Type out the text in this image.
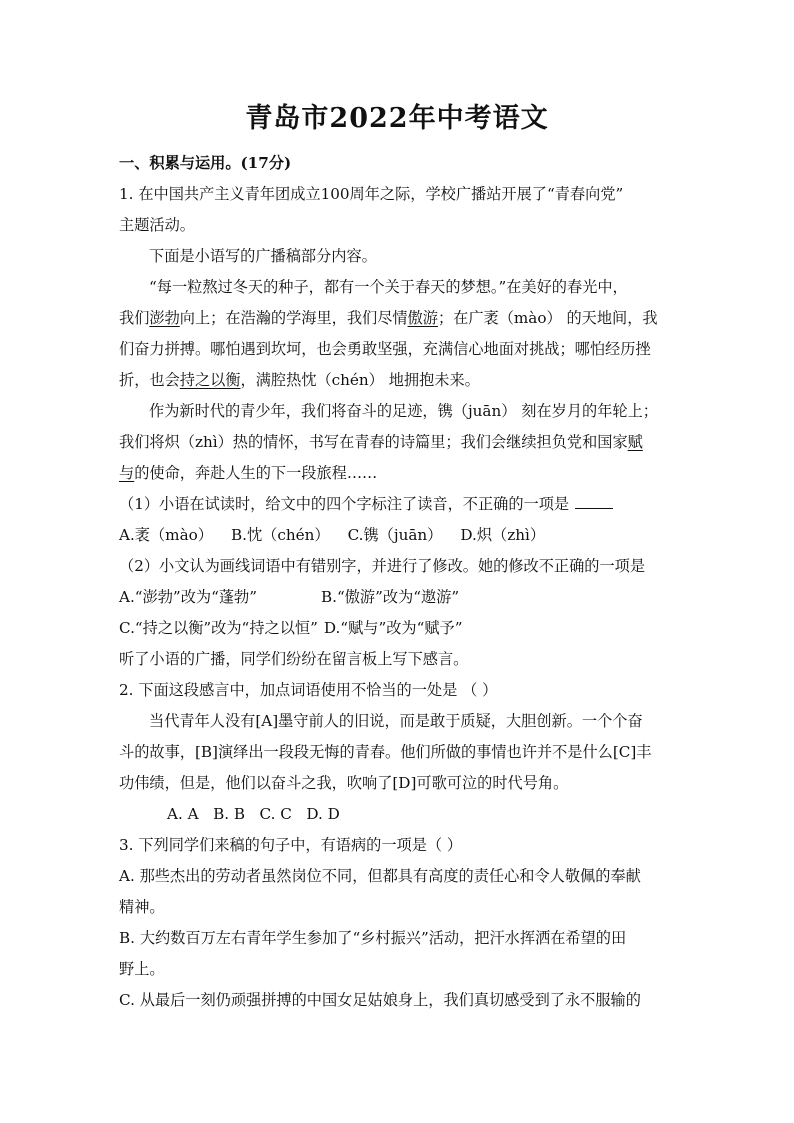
青岛市2022年中考语文
一、积累与运用。(17分)
1. 在中国共产主义青年团成立100周年之际，学校广播站开展了“青春向党”
主题活动。
下面是小语写的广播稿部分内容。
“每一粒熬过冬天的种子，都有一个关于春天的梦想。”在美好的春光中，
我们澎勃向上；在浩瀚的学海里，我们尽情傲游；在广袤（mào） 的天地间，我
们奋力拼搏。哪怕遇到坎坷，也会勇敢坚强，充满信心地面对挑战；哪怕经历挫
折，也会持之以衡，满腔热忱（chén） 地拥抱未来。
作为新时代的青少年，我们将奋斗的足迹，镌（juān） 刻在岁月的年轮上；
我们将炽（zhì）热的情怀，书写在青春的诗篇里；我们会继续担负党和国家赋
与的使命，奔赴人生的下一段旅程……
（1）小语在试读时，给文中的四个字标注了读音，不正确的一项是
A.袤（mào） B.忱（chén） C.镌（juān） D.炽（zhì）
（2）小文认为画线词语中有错别字，并进行了修改。她的修改不正确的一项是
A.“澎勃”改为“蓬勃”	B.“傲游”改为“遨游”
C.“持之以衡”改为“持之以恒” D.“赋与”改为“赋予”
听了小语的广播，同学们纷纷在留言板上写下感言。
2. 下面这段感言中，加点词语使用不恰当的一处是 （ ）
当代青年人没有[A]墨守前人的旧说，而是敢于质疑，大胆创新。一个个奋
斗的故事，[B]演绎出一段段无悔的青春。他们所做的事情也许并不是什么[C]丰
功伟绩，但是，他们以奋斗之我，吹响了[D]可歌可泣的时代号角。
A. A   B. B   C. C   D. D
3. 下列同学们来稿的句子中，有语病的一项是（ ）
A. 那些杰出的劳动者虽然岗位不同，但都具有高度的责任心和令人敬佩的奉献
精神。
B. 大约数百万左右青年学生参加了“乡村振兴”活动，把汗水挥洒在希望的田
野上。
C. 从最后一刻仍顽强拼搏的中国女足姑娘身上，我们真切感受到了永不服输的
